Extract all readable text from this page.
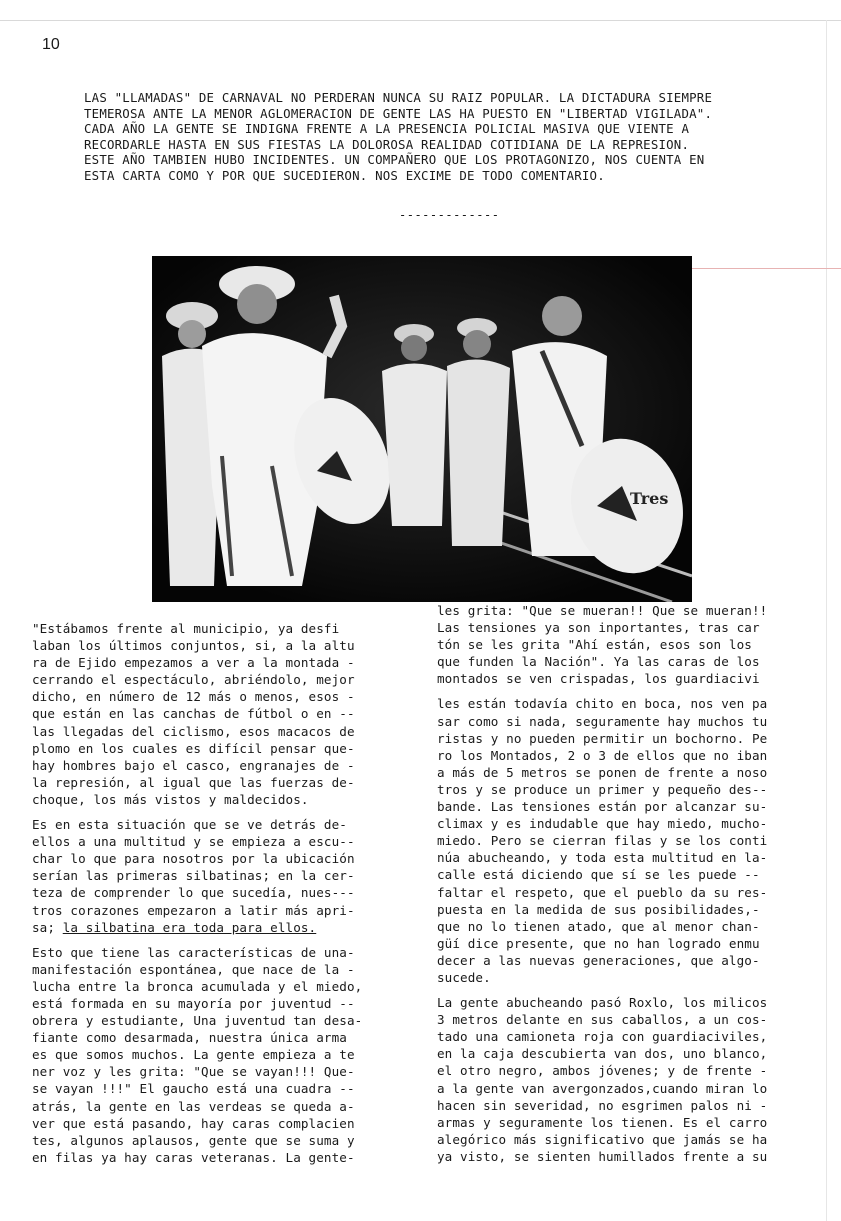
10
LAS "LLAMADAS" DE CARNAVAL NO PERDERAN NUNCA SU RAIZ POPULAR. LA DICTADURA SIEMPRE
TEMEROSA ANTE LA MENOR AGLOMERACION DE GENTE LAS HA PUESTO EN "LIBERTAD VIGILADA".
CADA AÑO LA GENTE SE INDIGNA FRENTE A LA PRESENCIA POLICIAL MASIVA QUE VIENTE A
RECORDARLE HASTA EN SUS FIESTAS LA DOLOROSA REALIDAD COTIDIANA DE LA REPRESION.
ESTE AÑO TAMBIEN HUBO INCIDENTES. UN COMPAÑERO QUE LOS PROTAGONIZO, NOS CUENTA EN
ESTA CARTA COMO Y POR QUE SUCEDIERON. NOS EXCIME DE TODO COMENTARIO.
-------------
Tres
"Estábamos frente al municipio, ya desfi
laban los últimos conjuntos, si, a la altu
ra de Ejido empezamos a ver a la montada -
cerrando el espectáculo, abriéndolo, mejor
dicho, en número de 12 más o menos, esos -
que están en las canchas de fútbol o en --
las llegadas del ciclismo, esos macacos de
plomo en los cuales es difícil pensar que-
hay hombres bajo el casco, engranajes de -
la represión, al igual que las fuerzas de-
choque, los más vistos y maldecidos.
Es en esta situación que se ve detrás de-
ellos a una multitud y se empieza a escu--
char lo que para nosotros por la ubicación
serían las primeras silbatinas; en la cer-
teza de comprender lo que sucedía, nues---
tros corazones empezaron a latir más apri-
sa; la silbatina era toda para ellos.
Esto que tiene las características de una-
manifestación espontánea, que nace de la -
lucha entre la bronca acumulada y el miedo,
está formada en su mayoría por juventud --
obrera y estudiante, Una juventud tan desa-
fiante como desarmada, nuestra única arma
es que somos muchos. La gente empieza a te
ner voz y les grita: "Que se vayan!!! Que-
se vayan !!!" El gaucho está una cuadra --
atrás, la gente en las verdeas se queda a-
ver que está pasando, hay caras complacien
tes, algunos aplausos, gente que se suma y
en filas ya hay caras veteranas. La gente-
les grita: "Que se mueran!! Que se mueran!!
Las tensiones ya son inportantes, tras car
tón se les grita "Ahí están, esos son los
que funden la Nación". Ya las caras de los
montados se ven crispadas, los guardiacivi
les están todavía chito en boca, nos ven pa
sar como si nada, seguramente hay muchos tu
ristas y no pueden permitir un bochorno. Pe
ro los Montados, 2 o 3 de ellos que no iban
a más de 5 metros se ponen de frente a noso
tros y se produce un primer y pequeño des--
bande. Las tensiones están por alcanzar su-
climax y es indudable que hay miedo, mucho-
miedo. Pero se cierran filas y se los conti
núa abucheando, y toda esta multitud en la-
calle está diciendo que sí se les puede --
faltar el respeto, que el pueblo da su res-
puesta en la medida de sus posibilidades,-
que no lo tienen atado, que al menor chan-
güí dice presente, que no han logrado enmu
decer a las nuevas generaciones, que algo-
sucede.
La gente abucheando pasó Roxlo, los milicos
3 metros delante en sus caballos, a un cos-
tado una camioneta roja con guardiaciviles,
en la caja descubierta van dos, uno blanco,
el otro negro, ambos jóvenes; y de frente -
a la gente van avergonzados,cuando miran lo
hacen sin severidad, no esgrimen palos ni -
armas y seguramente los tienen. Es el carro
alegórico más significativo que jamás se ha
ya visto, se sienten humillados frente a su
